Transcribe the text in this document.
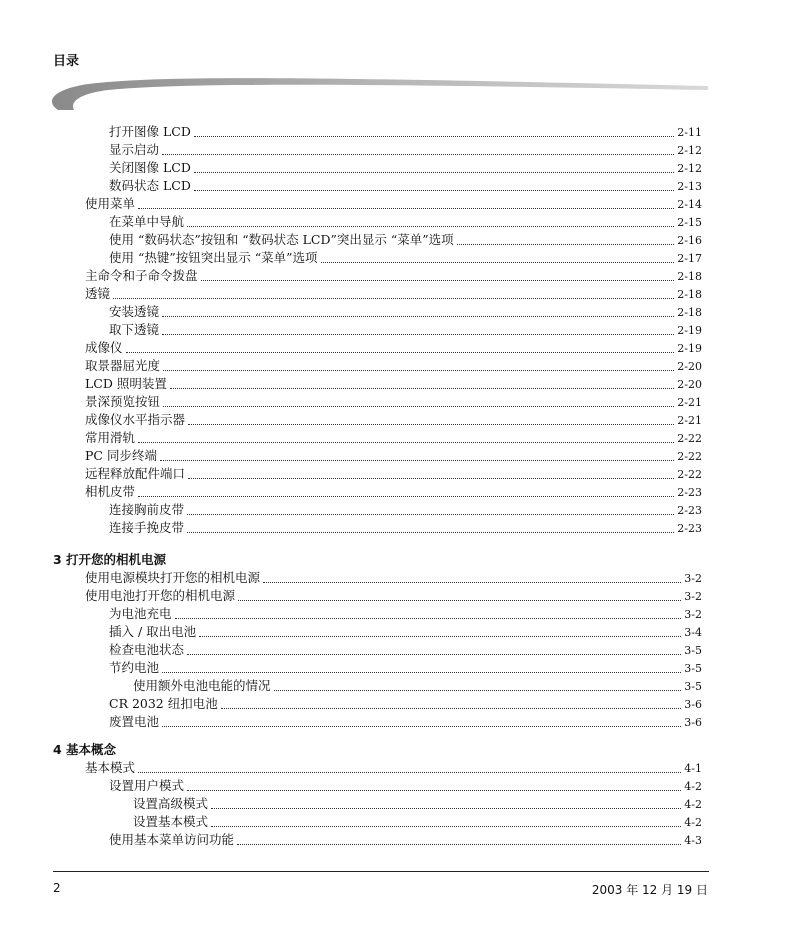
目录
打开图像 LCD	2-11
显示启动	2-12
关闭图像 LCD	2-12
数码状态 LCD	2-13
使用菜单	2-14
在菜单中导航	2-15
使用 “数码状态”按钮和 “数码状态 LCD”突出显示 “菜单”选项	2-16
使用 “热键”按钮突出显示 “菜单”选项	2-17
主命令和子命令拨盘	2-18
透镜	2-18
安装透镜	2-18
取下透镜	2-19
成像仪	2-19
取景器屈光度	2-20
LCD 照明装置	2-20
景深预览按钮	2-21
成像仪水平指示器	2-21
常用滑轨	2-22
PC 同步终端	2-22
远程释放配件端口	2-22
相机皮带	2-23
连接胸前皮带	2-23
连接手挽皮带	2-23
3 打开您的相机电源
使用电源模块打开您的相机电源	3-2
使用电池打开您的相机电源	3-2
为电池充电	3-2
插入 / 取出电池	3-4
检查电池状态	3-5
节约电池	3-5
使用额外电池电能的情况	3-5
CR 2032 纽扣电池	3-6
废置电池	3-6
4 基本概念
基本模式	4-1
设置用户模式	4-2
设置高级模式	4-2
设置基本模式	4-2
使用基本菜单访问功能	4-3
2	2003 年 12 月 19 日
